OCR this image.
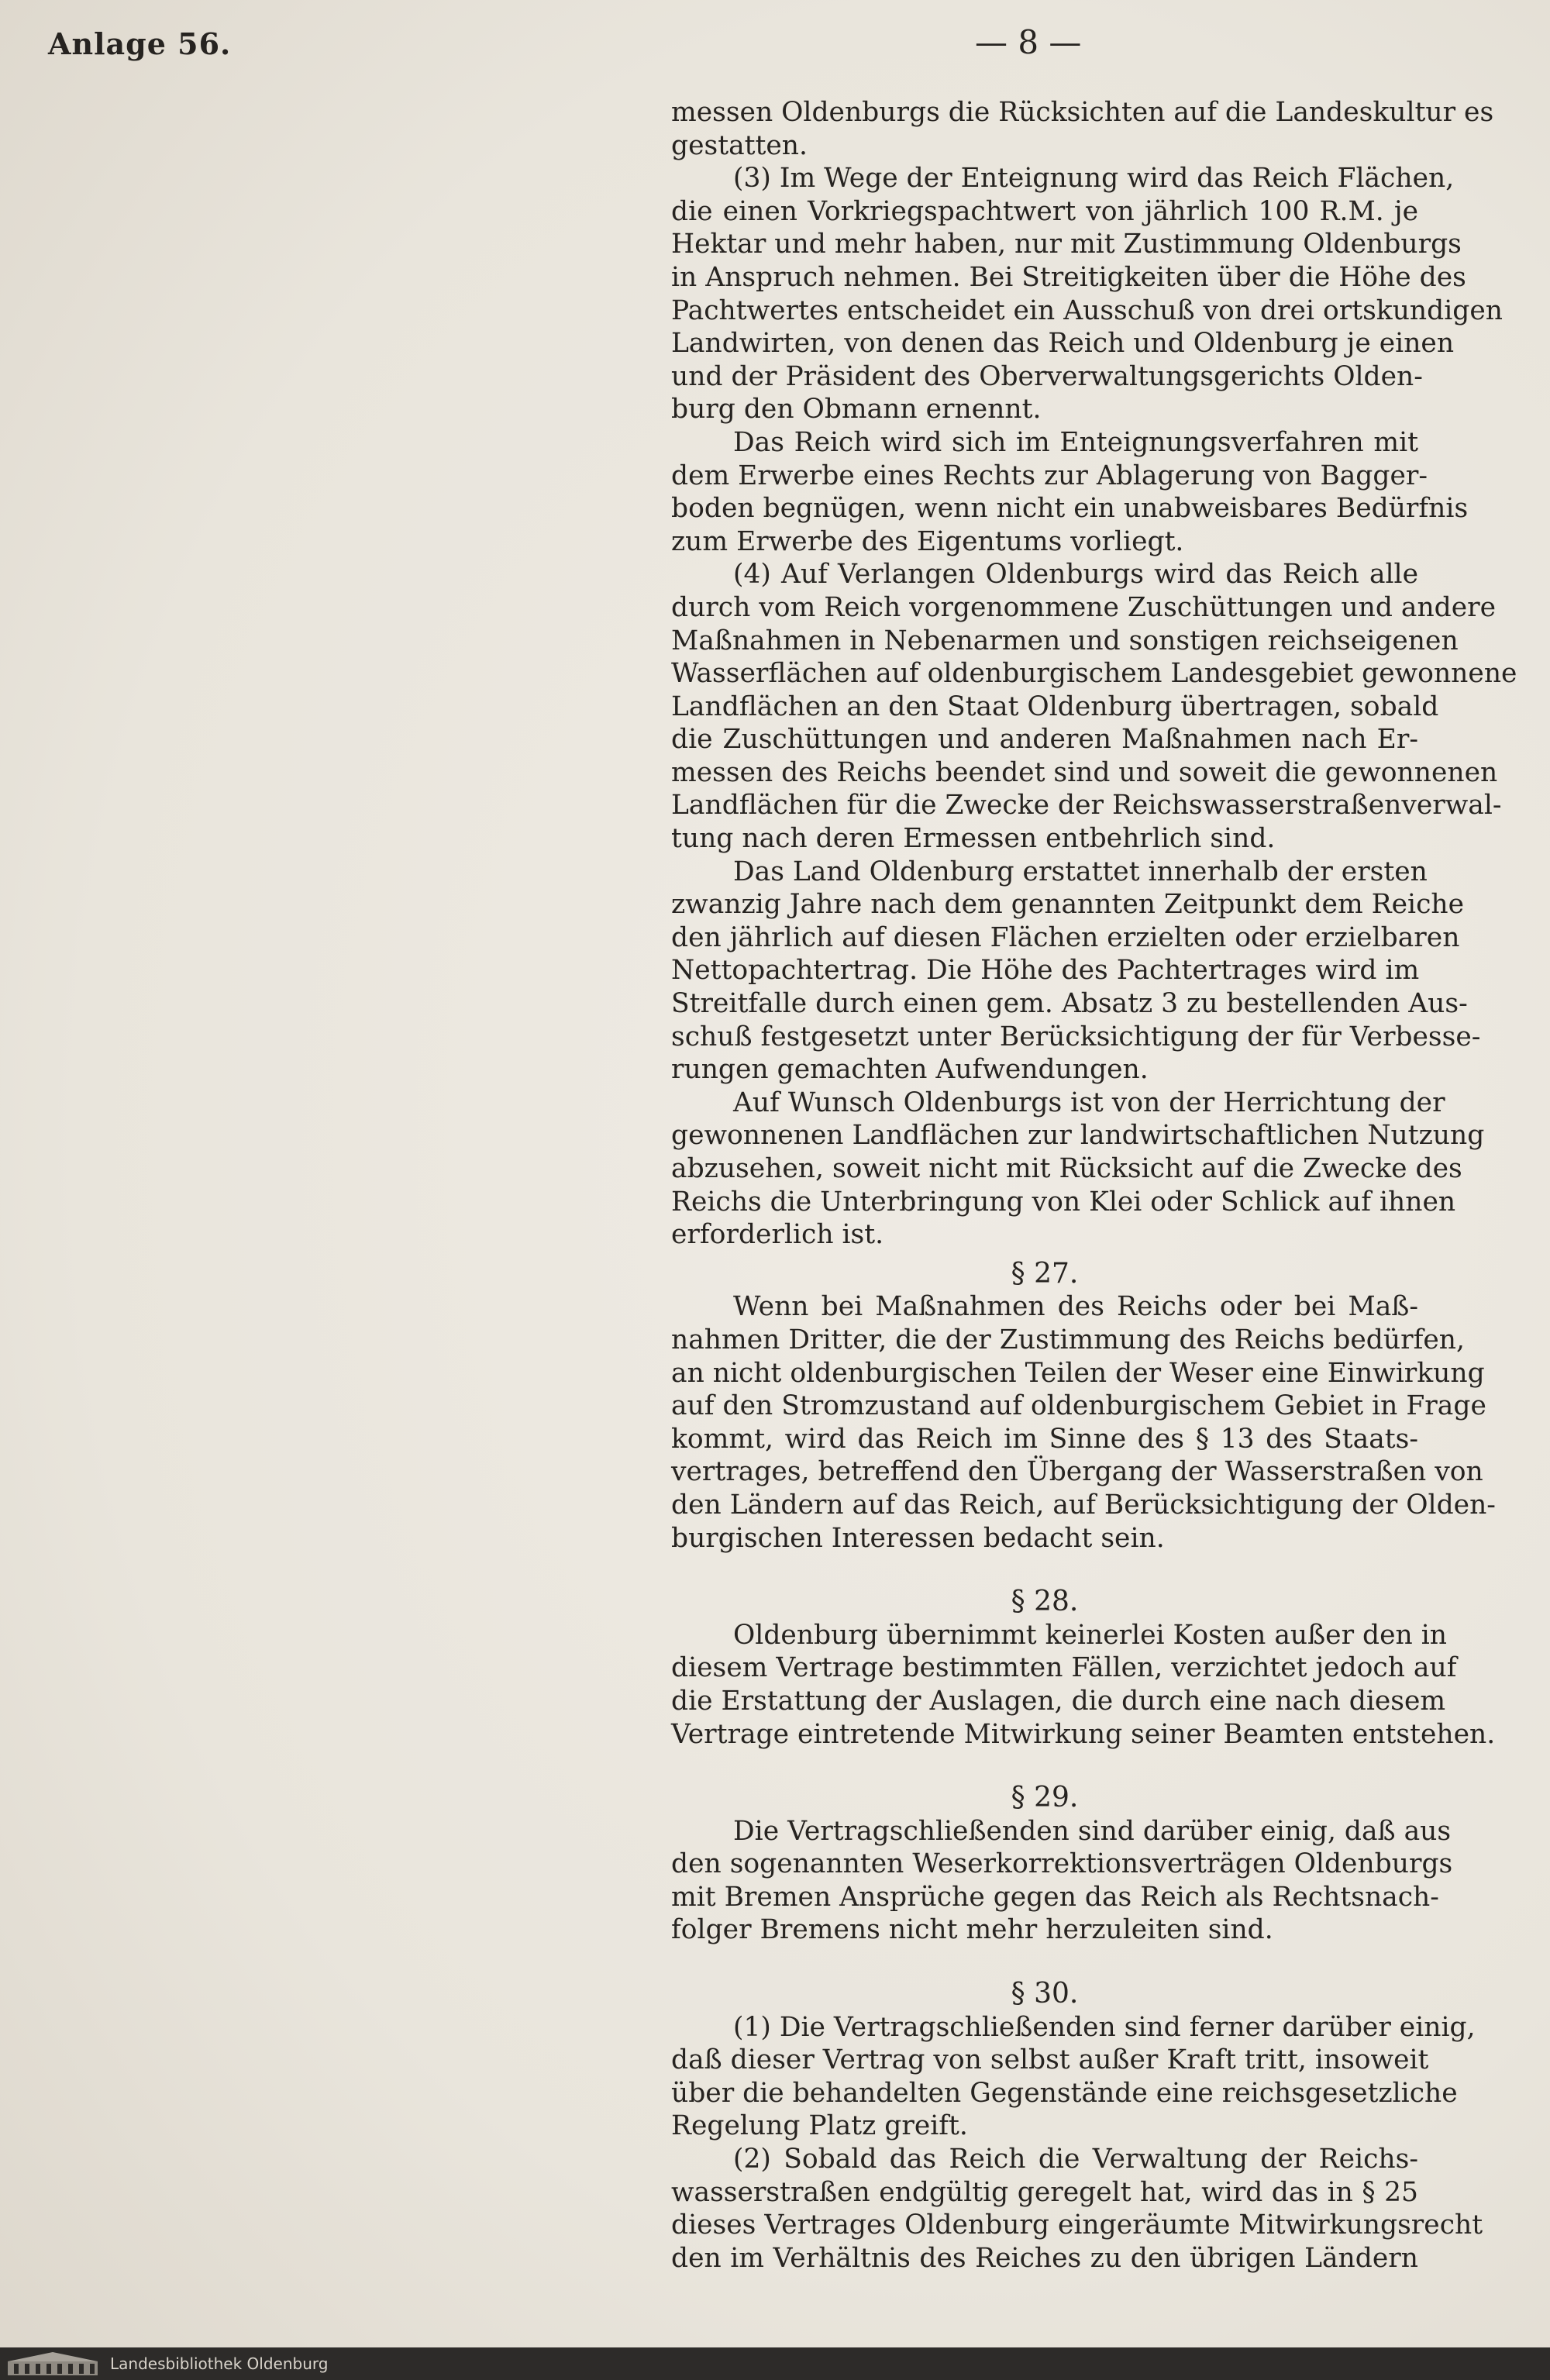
Anlage 56.	— 8 —
messen Oldenburgs die Rücksichten auf die Landeskultur es
gestatten.
(3) Im Wege der Enteignung wird das Reich Flächen,
die einen Vorkriegspachtwert von jährlich 100 R.M. je
Hektar und mehr haben, nur mit Zustimmung Oldenburgs
in Anspruch nehmen. Bei Streitigkeiten über die Höhe des
Pachtwertes entscheidet ein Ausschuß von drei ortskundigen
Landwirten, von denen das Reich und Oldenburg je einen
und der Präsident des Oberverwaltungsgerichts Olden-
burg den Obmann ernennt.
Das Reich wird sich im Enteignungsverfahren mit
dem Erwerbe eines Rechts zur Ablagerung von Bagger-
boden begnügen, wenn nicht ein unabweisbares Bedürfnis
zum Erwerbe des Eigentums vorliegt.
(4) Auf Verlangen Oldenburgs wird das Reich alle
durch vom Reich vorgenommene Zuschüttungen und andere
Maßnahmen in Nebenarmen und sonstigen reichseigenen
Wasserflächen auf oldenburgischem Landesgebiet gewonnene
Landflächen an den Staat Oldenburg übertragen, sobald
die Zuschüttungen und anderen Maßnahmen nach Er-
messen des Reichs beendet sind und soweit die gewonnenen
Landflächen für die Zwecke der Reichswasserstraßenverwal-
tung nach deren Ermessen entbehrlich sind.
Das Land Oldenburg erstattet innerhalb der ersten
zwanzig Jahre nach dem genannten Zeitpunkt dem Reiche
den jährlich auf diesen Flächen erzielten oder erzielbaren
Nettopachtertrag. Die Höhe des Pachtertrages wird im
Streitfalle durch einen gem. Absatz 3 zu bestellenden Aus-
schuß festgesetzt unter Berücksichtigung der für Verbesse-
rungen gemachten Aufwendungen.
Auf Wunsch Oldenburgs ist von der Herrichtung der
gewonnenen Landflächen zur landwirtschaftlichen Nutzung
abzusehen, soweit nicht mit Rücksicht auf die Zwecke des
Reichs die Unterbringung von Klei oder Schlick auf ihnen
erforderlich ist.
§ 27.
Wenn bei Maßnahmen des Reichs oder bei Maß-
nahmen Dritter, die der Zustimmung des Reichs bedürfen,
an nicht oldenburgischen Teilen der Weser eine Einwirkung
auf den Stromzustand auf oldenburgischem Gebiet in Frage
kommt, wird das Reich im Sinne des § 13 des Staats-
vertrages, betreffend den Übergang der Wasserstraßen von
den Ländern auf das Reich, auf Berücksichtigung der Olden-
burgischen Interessen bedacht sein.
§ 28.
Oldenburg übernimmt keinerlei Kosten außer den in
diesem Vertrage bestimmten Fällen, verzichtet jedoch auf
die Erstattung der Auslagen, die durch eine nach diesem
Vertrage eintretende Mitwirkung seiner Beamten entstehen.
§ 29.
Die Vertragschließenden sind darüber einig, daß aus
den sogenannten Weserkorrektionsverträgen Oldenburgs
mit Bremen Ansprüche gegen das Reich als Rechtsnach-
folger Bremens nicht mehr herzuleiten sind.
§ 30.
(1) Die Vertragschließenden sind ferner darüber einig,
daß dieser Vertrag von selbst außer Kraft tritt, insoweit
über die behandelten Gegenstände eine reichsgesetzliche
Regelung Platz greift.
(2) Sobald das Reich die Verwaltung der Reichs-
wasserstraßen endgültig geregelt hat, wird das in § 25
dieses Vertrages Oldenburg eingeräumte Mitwirkungsrecht
den im Verhältnis des Reiches zu den übrigen Ländern
Landesbibliothek Oldenburg
